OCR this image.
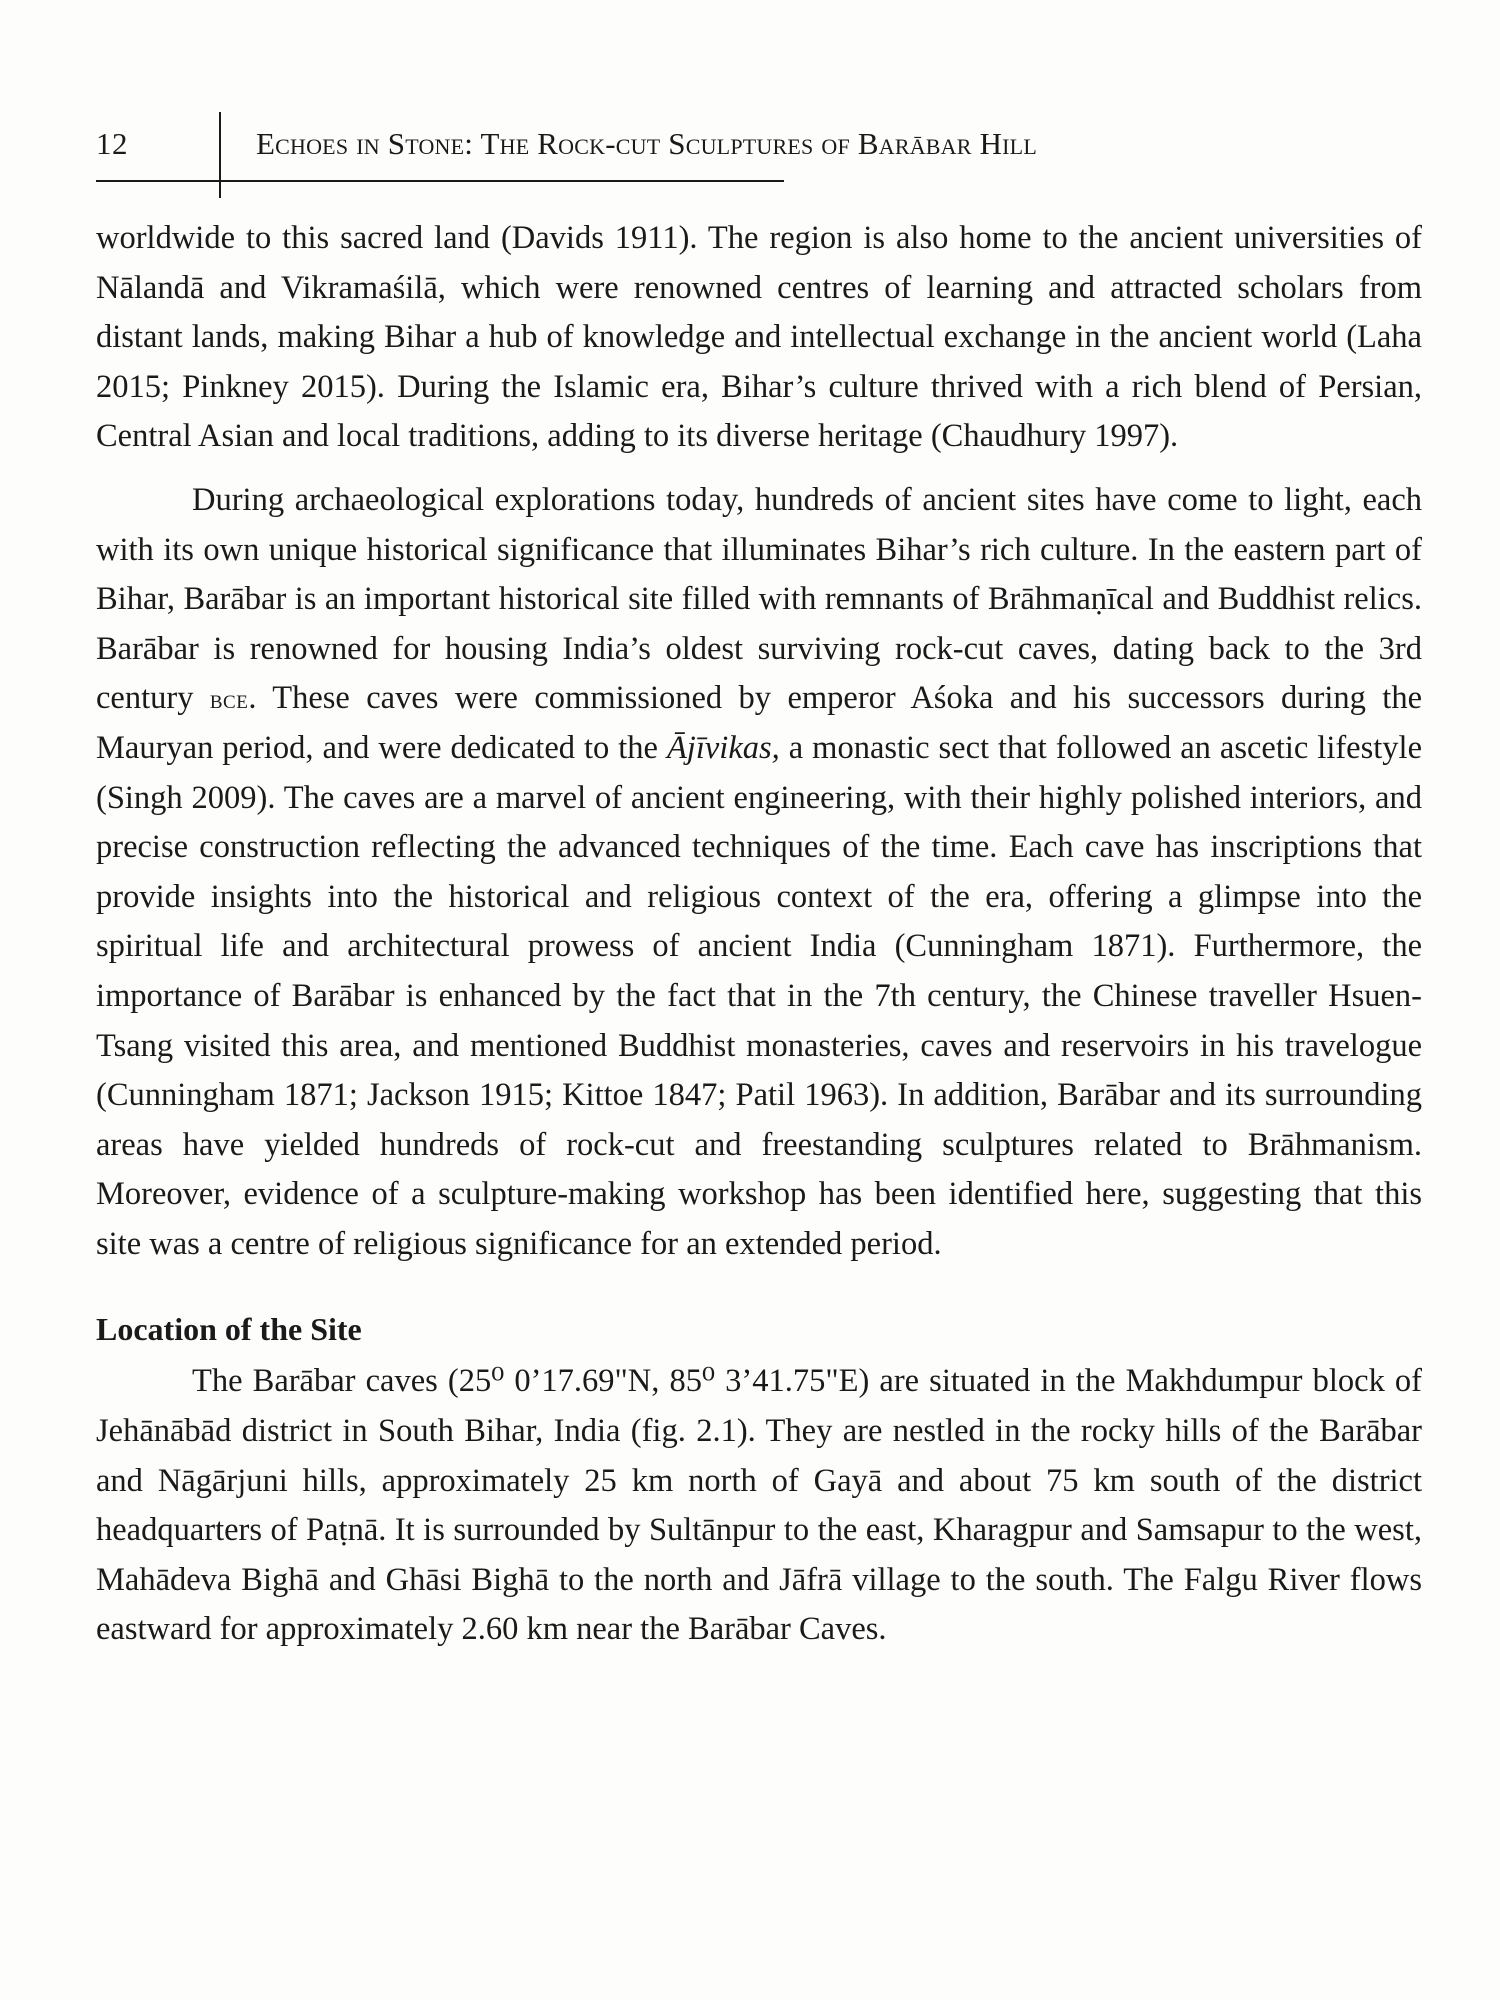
12	Echoes in Stone: The Rock-cut Sculptures of Barābar Hill

worldwide to this sacred land (Davids 1911). The region is also home to the ancient universities of Nālandā and Vikramaśilā, which were renowned centres of learning and attracted scholars from distant lands, making Bihar a hub of knowledge and intellectual exchange in the ancient world (Laha 2015; Pinkney 2015). During the Islamic era, Bihar’s culture thrived with a rich blend of Persian, Central Asian and local traditions, adding to its diverse heritage (Chaudhury 1997).

During archaeological explorations today, hundreds of ancient sites have come to light, each with its own unique historical significance that illuminates Bihar’s rich culture. In the eastern part of Bihar, Barābar is an important historical site filled with remnants of Brāhmaṇīcal and Buddhist relics. Barābar is renowned for housing India’s oldest surviving rock-cut caves, dating back to the 3rd century bce. These caves were commissioned by emperor Aśoka and his successors during the Mauryan period, and were dedicated to the Ājīvikas, a monastic sect that followed an ascetic lifestyle (Singh 2009). The caves are a marvel of ancient engineering, with their highly polished interiors, and precise construction reflecting the advanced techniques of the time. Each cave has inscriptions that provide insights into the historical and religious context of the era, offering a glimpse into the spiritual life and architectural prowess of ancient India (Cunningham 1871). Furthermore, the importance of Barābar is enhanced by the fact that in the 7th century, the Chinese traveller Hsuen-Tsang visited this area, and mentioned Buddhist monasteries, caves and reservoirs in his travelogue (Cunningham 1871; Jackson 1915; Kittoe 1847; Patil 1963). In addition, Barābar and its surrounding areas have yielded hundreds of rock-cut and freestanding sculptures related to Brāhmanism. Moreover, evidence of a sculpture-making workshop has been identified here, suggesting that this site was a centre of religious significance for an extended period.

Location of the Site

The Barābar caves (25⁰ 0’17.69"N, 85⁰ 3’41.75"E) are situated in the Makhdumpur block of Jehānābād district in South Bihar, India (fig. 2.1). They are nestled in the rocky hills of the Barābar and Nāgārjuni hills, approximately 25 km north of Gayā and about 75 km south of the district headquarters of Paṭnā. It is surrounded by Sultānpur to the east, Kharagpur and Samsapur to the west, Mahādeva Bighā and Ghāsi Bighā to the north and Jāfrā village to the south. The Falgu River flows eastward for approximately 2.60 km near the Barābar Caves.
